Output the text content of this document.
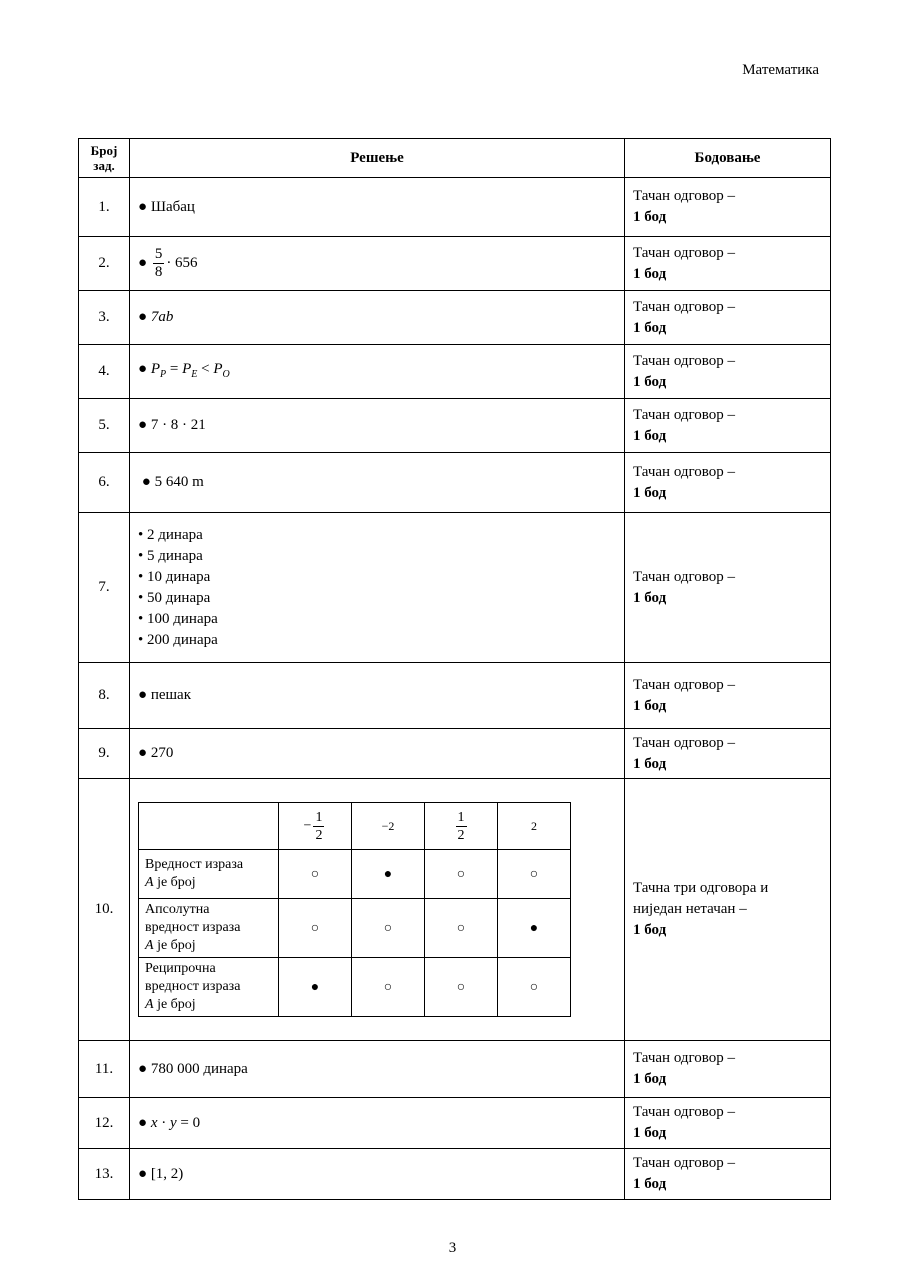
Математика
Број зад.	Решење	Бодовање
1.	● Шабац	Тачан одговор –
1 бод

2.	● $\frac{5}{8} \cdot 656$	Тачан одговор –
1 бод

3.	● 7ab	Тачан одговор –
1 бод

4.	● $P_P = P_E < P_O$	Тачан одговор –
1 бод

5.	● 7 · 8 · 21	Тачан одговор –
1 бод

6.	● 5 640 m	Тачан одговор –
1 бод

7.	
• 2 динара
• 5 динара
• 10 динара
• 50 динара
• 100 динара
• 200 динара
	Тачан одговор –
1 бод

8.	● пешак	Тачан одговор –
1 бод

9.	● 270	Тачан одговор –
1 бод

10.	
	− $\frac{1}{2}$	−2	$\frac{1}{2}$	2
Вредност израза
A је број	○	●	○	○
Апсолутна
вредност израза
A је број	○	○	○	●
Реципрочна
вредност израза
A је број	●	○	○	○
	Тачна три одговора и
ниједан нетачан –
1 бод

11.	● 780 000 динара	Тачан одговор –
1 бод

12.	● x · y = 0	Тачан одговор –
1 бод

13.	● [1, 2)	Тачан одговор –
1 бод
3
